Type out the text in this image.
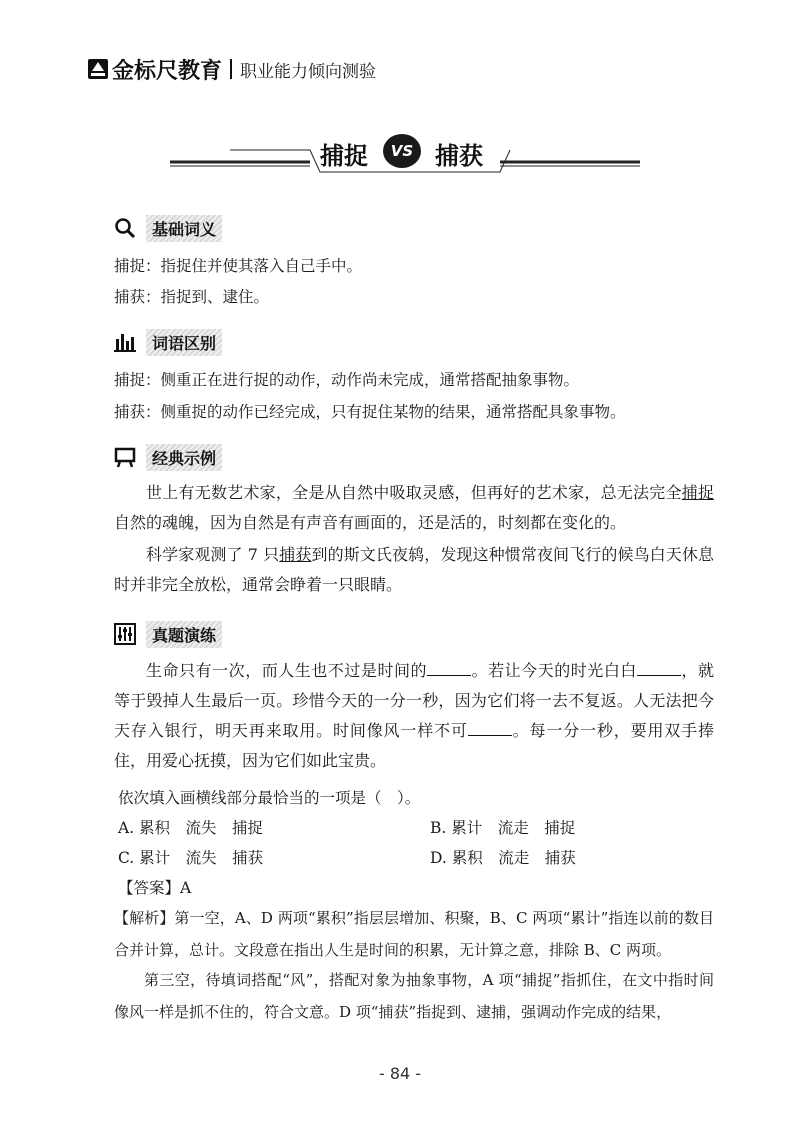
金标尺教育 职业能力倾向测验
捕捉	VS 捕获
基础词义
捕捉：指捉住并使其落入自己手中。
捕获：指捉到、逮住。
词语区别
捕捉：侧重正在进行捉的动作，动作尚未完成，通常搭配抽象事物。
捕获：侧重捉的动作已经完成，只有捉住某物的结果，通常搭配具象事物。
经典示例
世上有无数艺术家，全是从自然中吸取灵感，但再好的艺术家，总无法完全捕捉自然的魂魄，因为自然是有声音有画面的，还是活的，时刻都在变化的。
科学家观测了 7 只捕获到的斯文氏夜鸫，发现这种惯常夜间飞行的候鸟白天休息时并非完全放松，通常会睁着一只眼睛。
真题演练
生命只有一次，而人生也不过是时间的	。若让今天的时光白白	，就等于毁掉人生最后一页。珍惜今天的一分一秒，因为它们将一去不复返。人无法把今天存入银行，明天再来取用。时间像风一样不可	。每一分一秒，要用双手捧住，用爱心抚摸，因为它们如此宝贵。
依次填入画横线部分最恰当的一项是（　）。
A. 累积　流失　捕捉	B. 累计　流走　捕捉
C. 累计　流失　捕获	D. 累积　流走　捕获
【答案】A
【解析】第一空，A、D 两项“累积”指层层增加、积聚，B、C 两项“累计”指连以前的数目合并计算，总计。文段意在指出人生是时间的积累，无计算之意，排除 B、C 两项。
第三空，待填词搭配“风”，搭配对象为抽象事物，A 项“捕捉”指抓住，在文中指时间像风一样是抓不住的，符合文意。D 项“捕获”指捉到、逮捕，强调动作完成的结果，
- 84 -
